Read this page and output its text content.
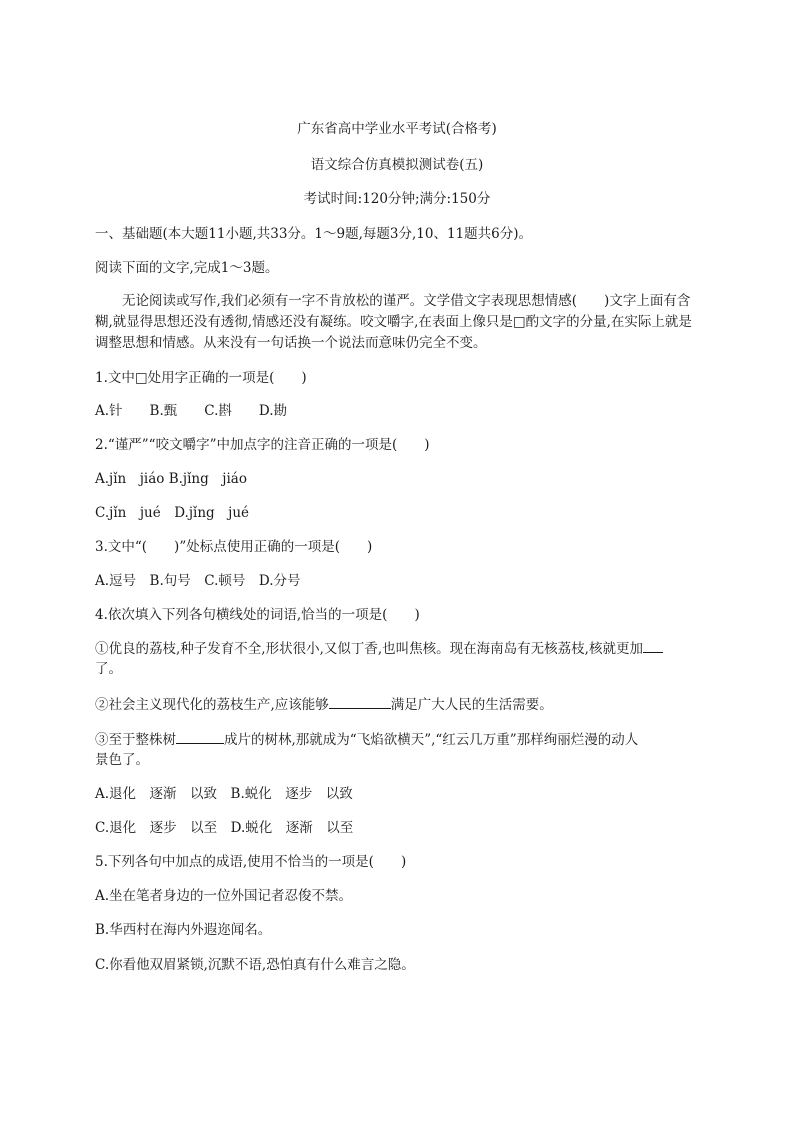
广东省高中学业水平考试(合格考)
语文综合仿真模拟测试卷(五)
考试时间:120分钟;满分:150分
一、基础题(本大题11小题,共33分。1～9题,每题3分,10、11题共6分)。
阅读下面的文字,完成1～3题。
无论阅读或写作,我们必须有一字不肯放松的谨严。文学借文字表现思想情感(　　)文字上面有含糊,就显得思想还没有透彻,情感还没有凝练。咬文嚼字,在表面上像只是□酌文字的分量,在实际上就是调整思想和情感。从来没有一句话换一个说法而意味仍完全不变。
1.文中□处用字正确的一项是(　　)
A.针　　B.甄　　C.斟　　D.勘
2.“谨严”“咬文嚼字”中加点字的注音正确的一项是(　　)
A.jǐn　jiáo B.jǐng　jiáo
C.jǐn　jué　D.jǐng　jué
3.文中“(　　)”处标点使用正确的一项是(　　)
A.逗号　B.句号　C.顿号　D.分号
4.依次填入下列各句横线处的词语,恰当的一项是(　　)
①优良的荔枝,种子发育不全,形状很小,又似丁香,也叫焦核。现在海南岛有无核荔枝,核就更加
了。
②社会主义现代化的荔枝生产,应该能够	满足广大人民的生活需要。
③至于整株树	成片的树林,那就成为“飞焰欲横天”,“红云几万重”那样绚丽烂漫的动人
景色了。
A.退化　逐渐　以致　B.蜕化　逐步　以致
C.退化　逐步　以至　D.蜕化　逐渐　以至
5.下列各句中加点的成语,使用不恰当的一项是(　　)
A.坐在笔者身边的一位外国记者忍俊不禁。
B.华西村在海内外遐迩闻名。
C.你看他双眉紧锁,沉默不语,恐怕真有什么难言之隐。
